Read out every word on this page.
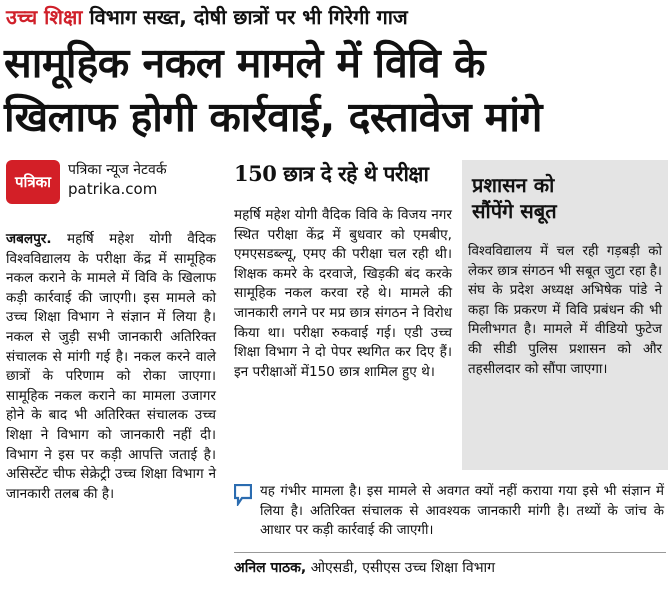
उच्च शिक्षा विभाग सख्त, दोषी छात्रों पर भी गिरेगी गाज
सामूहिक नकल मामले में विवि के
खिलाफ होगी कार्रवाई, दस्तावेज मांगे
पत्रिका
पत्रिका न्यूज नेटवर्क
patrika.com
जबलपुर. महर्षि महेश योगी वैदिक विश्वविद्यालय के परीक्षा केंद्र में सामूहिक नकल कराने के मामले में विवि के खिलाफ कड़ी कार्रवाई की जाएगी। इस मामले को उच्च शिक्षा विभाग ने संज्ञान में लिया है। नकल से जुड़ी सभी जानकारी अतिरिक्त संचालक से मांगी गई है। नकल करने वाले छात्रों के परिणाम को रोका जाएगा। सामूहिक नकल कराने का मामला उजागर होने के बाद भी अतिरिक्त संचालक उच्च शिक्षा ने विभाग को जानकारी नहीं दी। विभाग ने इस पर कड़ी आपत्ति जताई है। असिस्टेंट चीफ सेक्रेट्री उच्च शिक्षा विभाग ने जानकारी तलब की है।
150 छात्र दे रहे थे परीक्षा
महर्षि महेश योगी वैदिक विवि के विजय नगर स्थित परीक्षा केंद्र में बुधवार को एमबीए, एमएसडब्ल्यू, एमए की परीक्षा चल रही थी। शिक्षक कमरे के दरवाजे, खिड़की बंद करके सामूहिक नकल करवा रहे थे। मामले की जानकारी लगने पर मप्र छात्र संगठन ने विरोध किया था। परीक्षा रुकवाई गई। एडी उच्च शिक्षा विभाग ने दो पेपर स्थगित कर दिए हैं। इन परीक्षाओं में150 छात्र शामिल हुए थे।
प्रशासन को
सौंपेंगे सबूत
विश्वविद्यालय में चल रही गड़बड़ी को लेकर छात्र संगठन भी सबूत जुटा रहा है। संघ के प्रदेश अध्यक्ष अभिषेक पांडे ने कहा कि प्रकरण में विवि प्रबंधन की भी मिलीभगत है। मामले में वीडियो फुटेज की सीडी पुलिस प्रशासन को और तहसीलदार को सौंपा जाएगा।
यह गंभीर मामला है। इस मामले से अवगत क्यों नहीं कराया गया इसे भी संज्ञान में लिया है। अतिरिक्त संचालक से आवश्यक जानकारी मांगी है। तथ्यों के जांच के आधार पर कड़ी कार्रवाई की जाएगी।
अनिल पाठक, ओएसडी, एसीएस उच्च शिक्षा विभाग
